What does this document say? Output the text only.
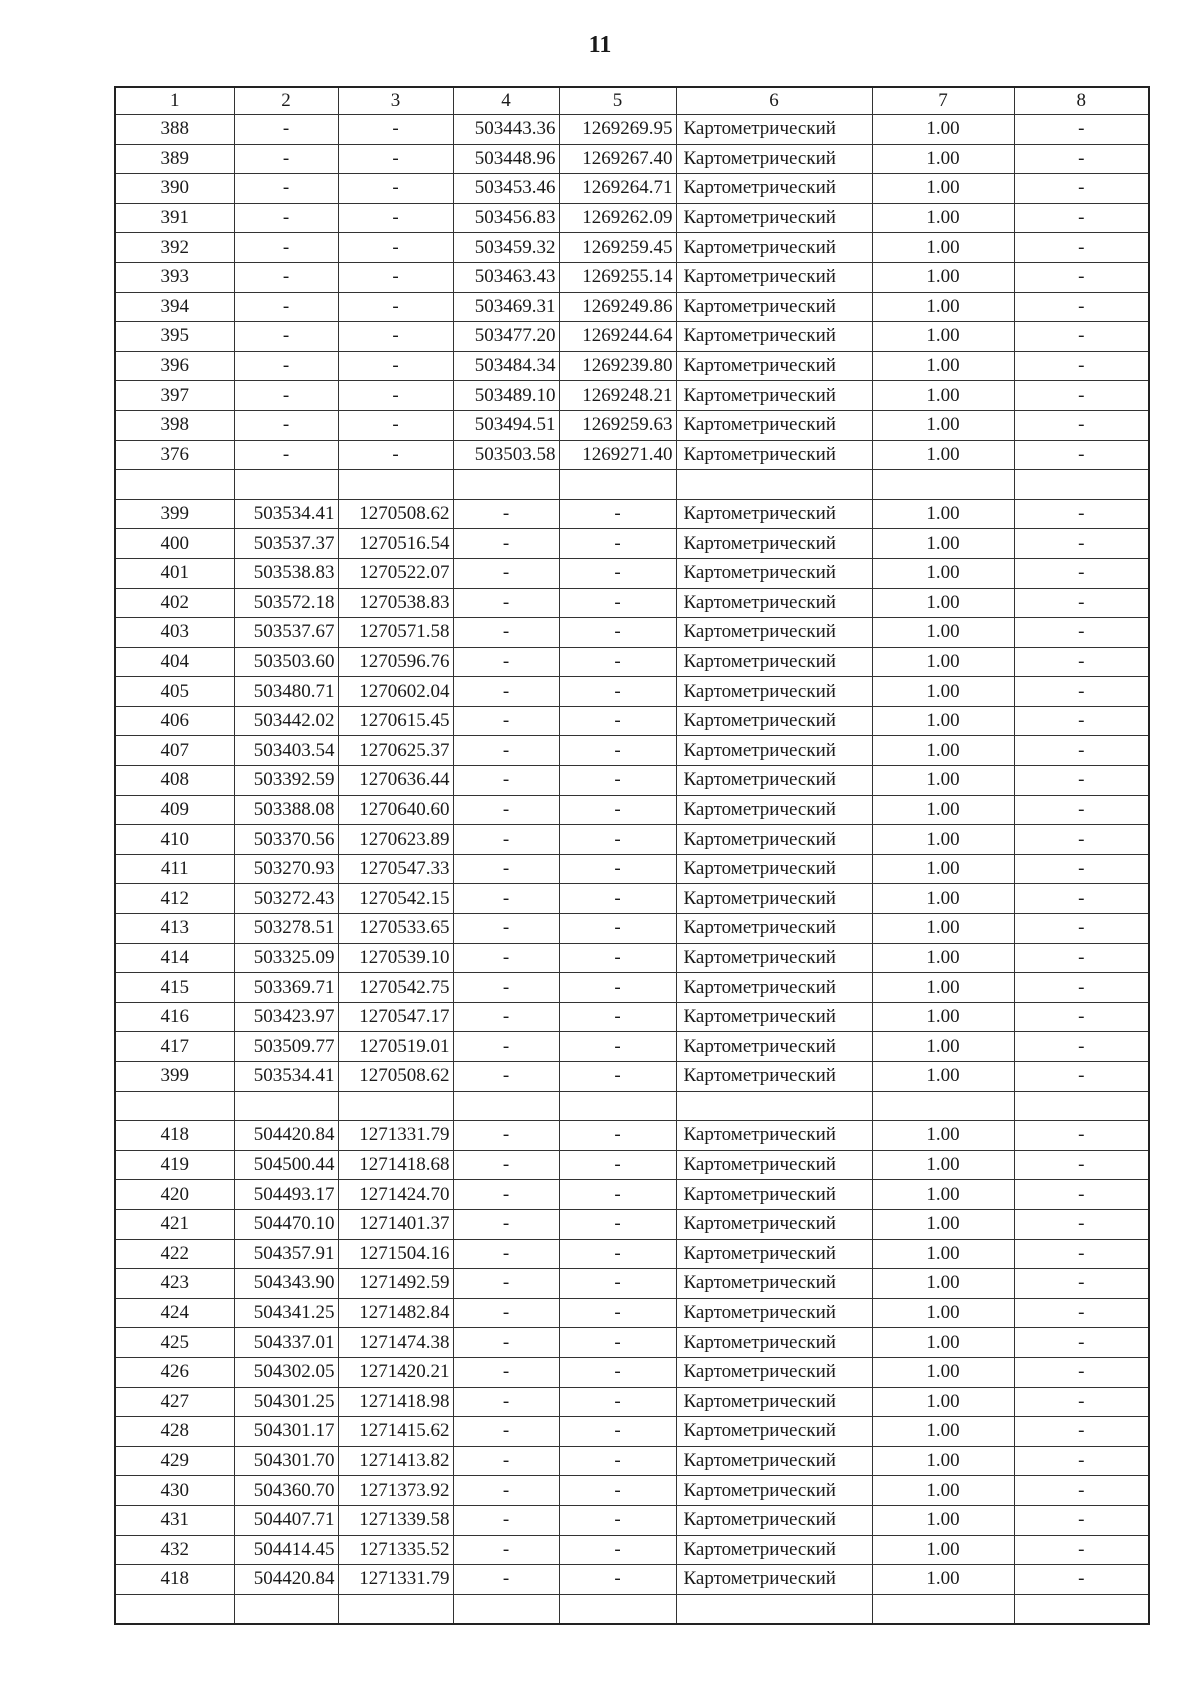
11
1	2	3	4	5	6	7	8
388	-	-	503443.36	1269269.95	Картометрический	1.00	-
389	-	-	503448.96	1269267.40	Картометрический	1.00	-
390	-	-	503453.46	1269264.71	Картометрический	1.00	-
391	-	-	503456.83	1269262.09	Картометрический	1.00	-
392	-	-	503459.32	1269259.45	Картометрический	1.00	-
393	-	-	503463.43	1269255.14	Картометрический	1.00	-
394	-	-	503469.31	1269249.86	Картометрический	1.00	-
395	-	-	503477.20	1269244.64	Картометрический	1.00	-
396	-	-	503484.34	1269239.80	Картометрический	1.00	-
397	-	-	503489.10	1269248.21	Картометрический	1.00	-
398	-	-	503494.51	1269259.63	Картометрический	1.00	-
376	-	-	503503.58	1269271.40	Картометрический	1.00	-

399	503534.41	1270508.62	-	-	Картометрический	1.00	-
400	503537.37	1270516.54	-	-	Картометрический	1.00	-
401	503538.83	1270522.07	-	-	Картометрический	1.00	-
402	503572.18	1270538.83	-	-	Картометрический	1.00	-
403	503537.67	1270571.58	-	-	Картометрический	1.00	-
404	503503.60	1270596.76	-	-	Картометрический	1.00	-
405	503480.71	1270602.04	-	-	Картометрический	1.00	-
406	503442.02	1270615.45	-	-	Картометрический	1.00	-
407	503403.54	1270625.37	-	-	Картометрический	1.00	-
408	503392.59	1270636.44	-	-	Картометрический	1.00	-
409	503388.08	1270640.60	-	-	Картометрический	1.00	-
410	503370.56	1270623.89	-	-	Картометрический	1.00	-
411	503270.93	1270547.33	-	-	Картометрический	1.00	-
412	503272.43	1270542.15	-	-	Картометрический	1.00	-
413	503278.51	1270533.65	-	-	Картометрический	1.00	-
414	503325.09	1270539.10	-	-	Картометрический	1.00	-
415	503369.71	1270542.75	-	-	Картометрический	1.00	-
416	503423.97	1270547.17	-	-	Картометрический	1.00	-
417	503509.77	1270519.01	-	-	Картометрический	1.00	-
399	503534.41	1270508.62	-	-	Картометрический	1.00	-

418	504420.84	1271331.79	-	-	Картометрический	1.00	-
419	504500.44	1271418.68	-	-	Картометрический	1.00	-
420	504493.17	1271424.70	-	-	Картометрический	1.00	-
421	504470.10	1271401.37	-	-	Картометрический	1.00	-
422	504357.91	1271504.16	-	-	Картометрический	1.00	-
423	504343.90	1271492.59	-	-	Картометрический	1.00	-
424	504341.25	1271482.84	-	-	Картометрический	1.00	-
425	504337.01	1271474.38	-	-	Картометрический	1.00	-
426	504302.05	1271420.21	-	-	Картометрический	1.00	-
427	504301.25	1271418.98	-	-	Картометрический	1.00	-
428	504301.17	1271415.62	-	-	Картометрический	1.00	-
429	504301.70	1271413.82	-	-	Картометрический	1.00	-
430	504360.70	1271373.92	-	-	Картометрический	1.00	-
431	504407.71	1271339.58	-	-	Картометрический	1.00	-
432	504414.45	1271335.52	-	-	Картометрический	1.00	-
418	504420.84	1271331.79	-	-	Картометрический	1.00	-
